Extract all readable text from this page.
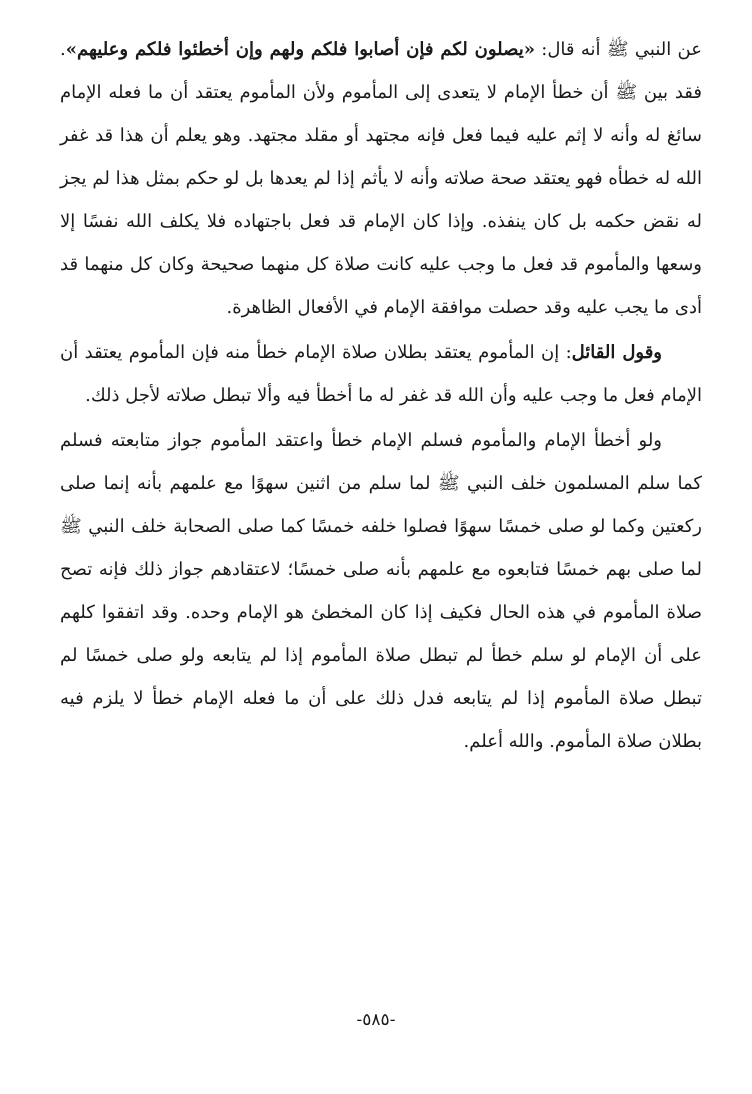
عن النبي ﷺ أنه قال: «يصلون لكم فإن أصابوا فلكم ولهم وإن أخطئوا فلكم وعليهم». فقد بين ﷺ أن خطأ الإمام لا يتعدى إلى المأموم ولأن المأموم يعتقد أن ما فعله الإمام سائغ له وأنه لا إثم عليه فيما فعل فإنه مجتهد أو مقلد مجتهد. وهو يعلم أن هذا قد غفر الله له خطأه فهو يعتقد صحة صلاته وأنه لا يأثم إذا لم يعدها بل لو حكم بمثل هذا لم يجز له نقض حكمه بل كان ينفذه. وإذا كان الإمام قد فعل باجتهاده فلا يكلف الله نفسًا إلا وسعها والمأموم قد فعل ما وجب عليه كانت صلاة كل منهما صحيحة وكان كل منهما قد أدى ما يجب عليه وقد حصلت موافقة الإمام في الأفعال الظاهرة.

وقول القائل: إن المأموم يعتقد بطلان صلاة الإمام خطأ منه فإن المأموم يعتقد أن الإمام فعل ما وجب عليه وأن الله قد غفر له ما أخطأ فيه وألا تبطل صلاته لأجل ذلك.

ولو أخطأ الإمام والمأموم فسلم الإمام خطأ واعتقد المأموم جواز متابعته فسلم كما سلم المسلمون خلف النبي ﷺ لما سلم من اثنين سهوًا مع علمهم بأنه إنما صلى ركعتين وكما لو صلى خمسًا سهوًا فصلوا خلفه خمسًا كما صلى الصحابة خلف النبي ﷺ لما صلى بهم خمسًا فتابعوه مع علمهم بأنه صلى خمسًا؛ لاعتقادهم جواز ذلك فإنه تصح صلاة المأموم في هذه الحال فكيف إذا كان المخطئ هو الإمام وحده. وقد اتفقوا كلهم على أن الإمام لو سلم خطأ لم تبطل صلاة المأموم إذا لم يتابعه ولو صلى خمسًا لم تبطل صلاة المأموم إذا لم يتابعه فدل ذلك على أن ما فعله الإمام خطأ لا يلزم فيه بطلان صلاة المأموم. والله أعلم.

-٥٨٥-
